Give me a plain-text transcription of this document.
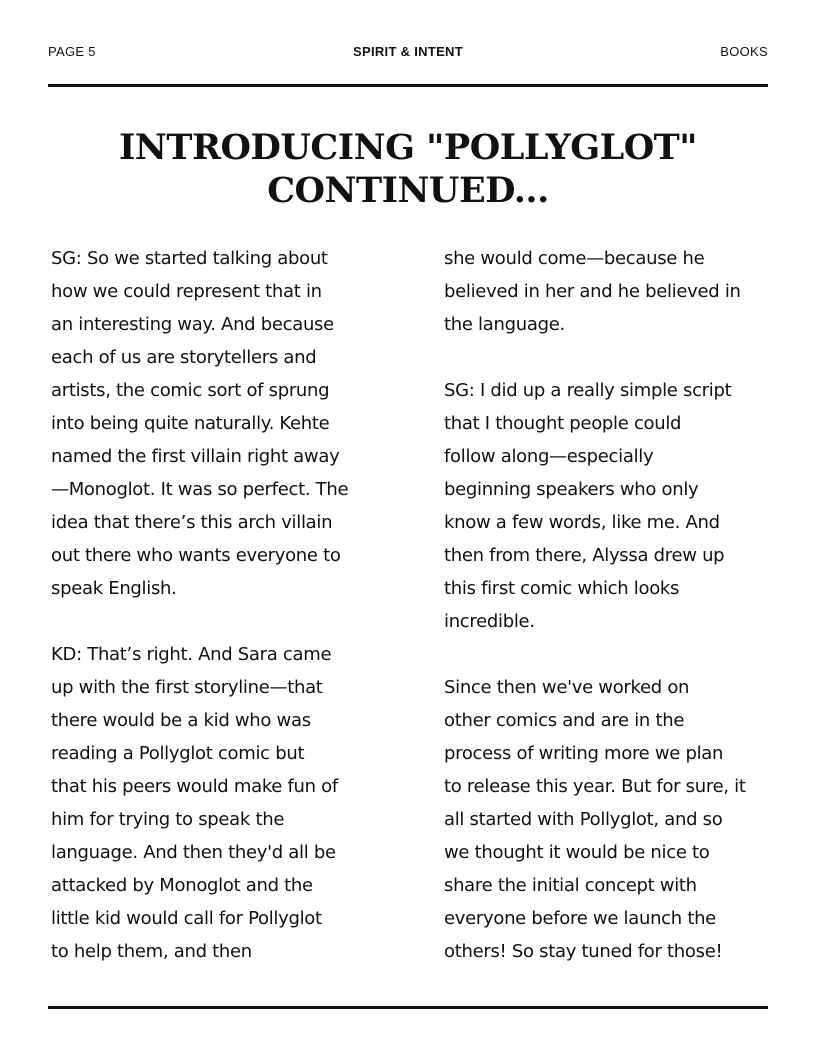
PAGE 5	SPIRIT & INTENT	BOOKS
INTRODUCING "POLLYGLOT"
CONTINUED...
SG: So we started talking about
how we could represent that in
an interesting way. And because
each of us are storytellers and
artists, the comic sort of sprung
into being quite naturally. Kehte
named the first villain right away
—Monoglot. It was so perfect. The
idea that there’s this arch villain
out there who wants everyone to
speak English.
KD: That’s right. And Sara came
up with the first storyline—that
there would be a kid who was
reading a Pollyglot comic but
that his peers would make fun of
him for trying to speak the
language. And then they'd all be
attacked by Monoglot and the
little kid would call for Pollyglot
to help them, and then
she would come—because he
believed in her and he believed in
the language.
SG: I did up a really simple script
that I thought people could
follow along—especially
beginning speakers who only
know a few words, like me. And
then from there, Alyssa drew up
this first comic which looks
incredible.
Since then we've worked on
other comics and are in the
process of writing more we plan
to release this year. But for sure, it
all started with Pollyglot, and so
we thought it would be nice to
share the initial concept with
everyone before we launch the
others! So stay tuned for those!
